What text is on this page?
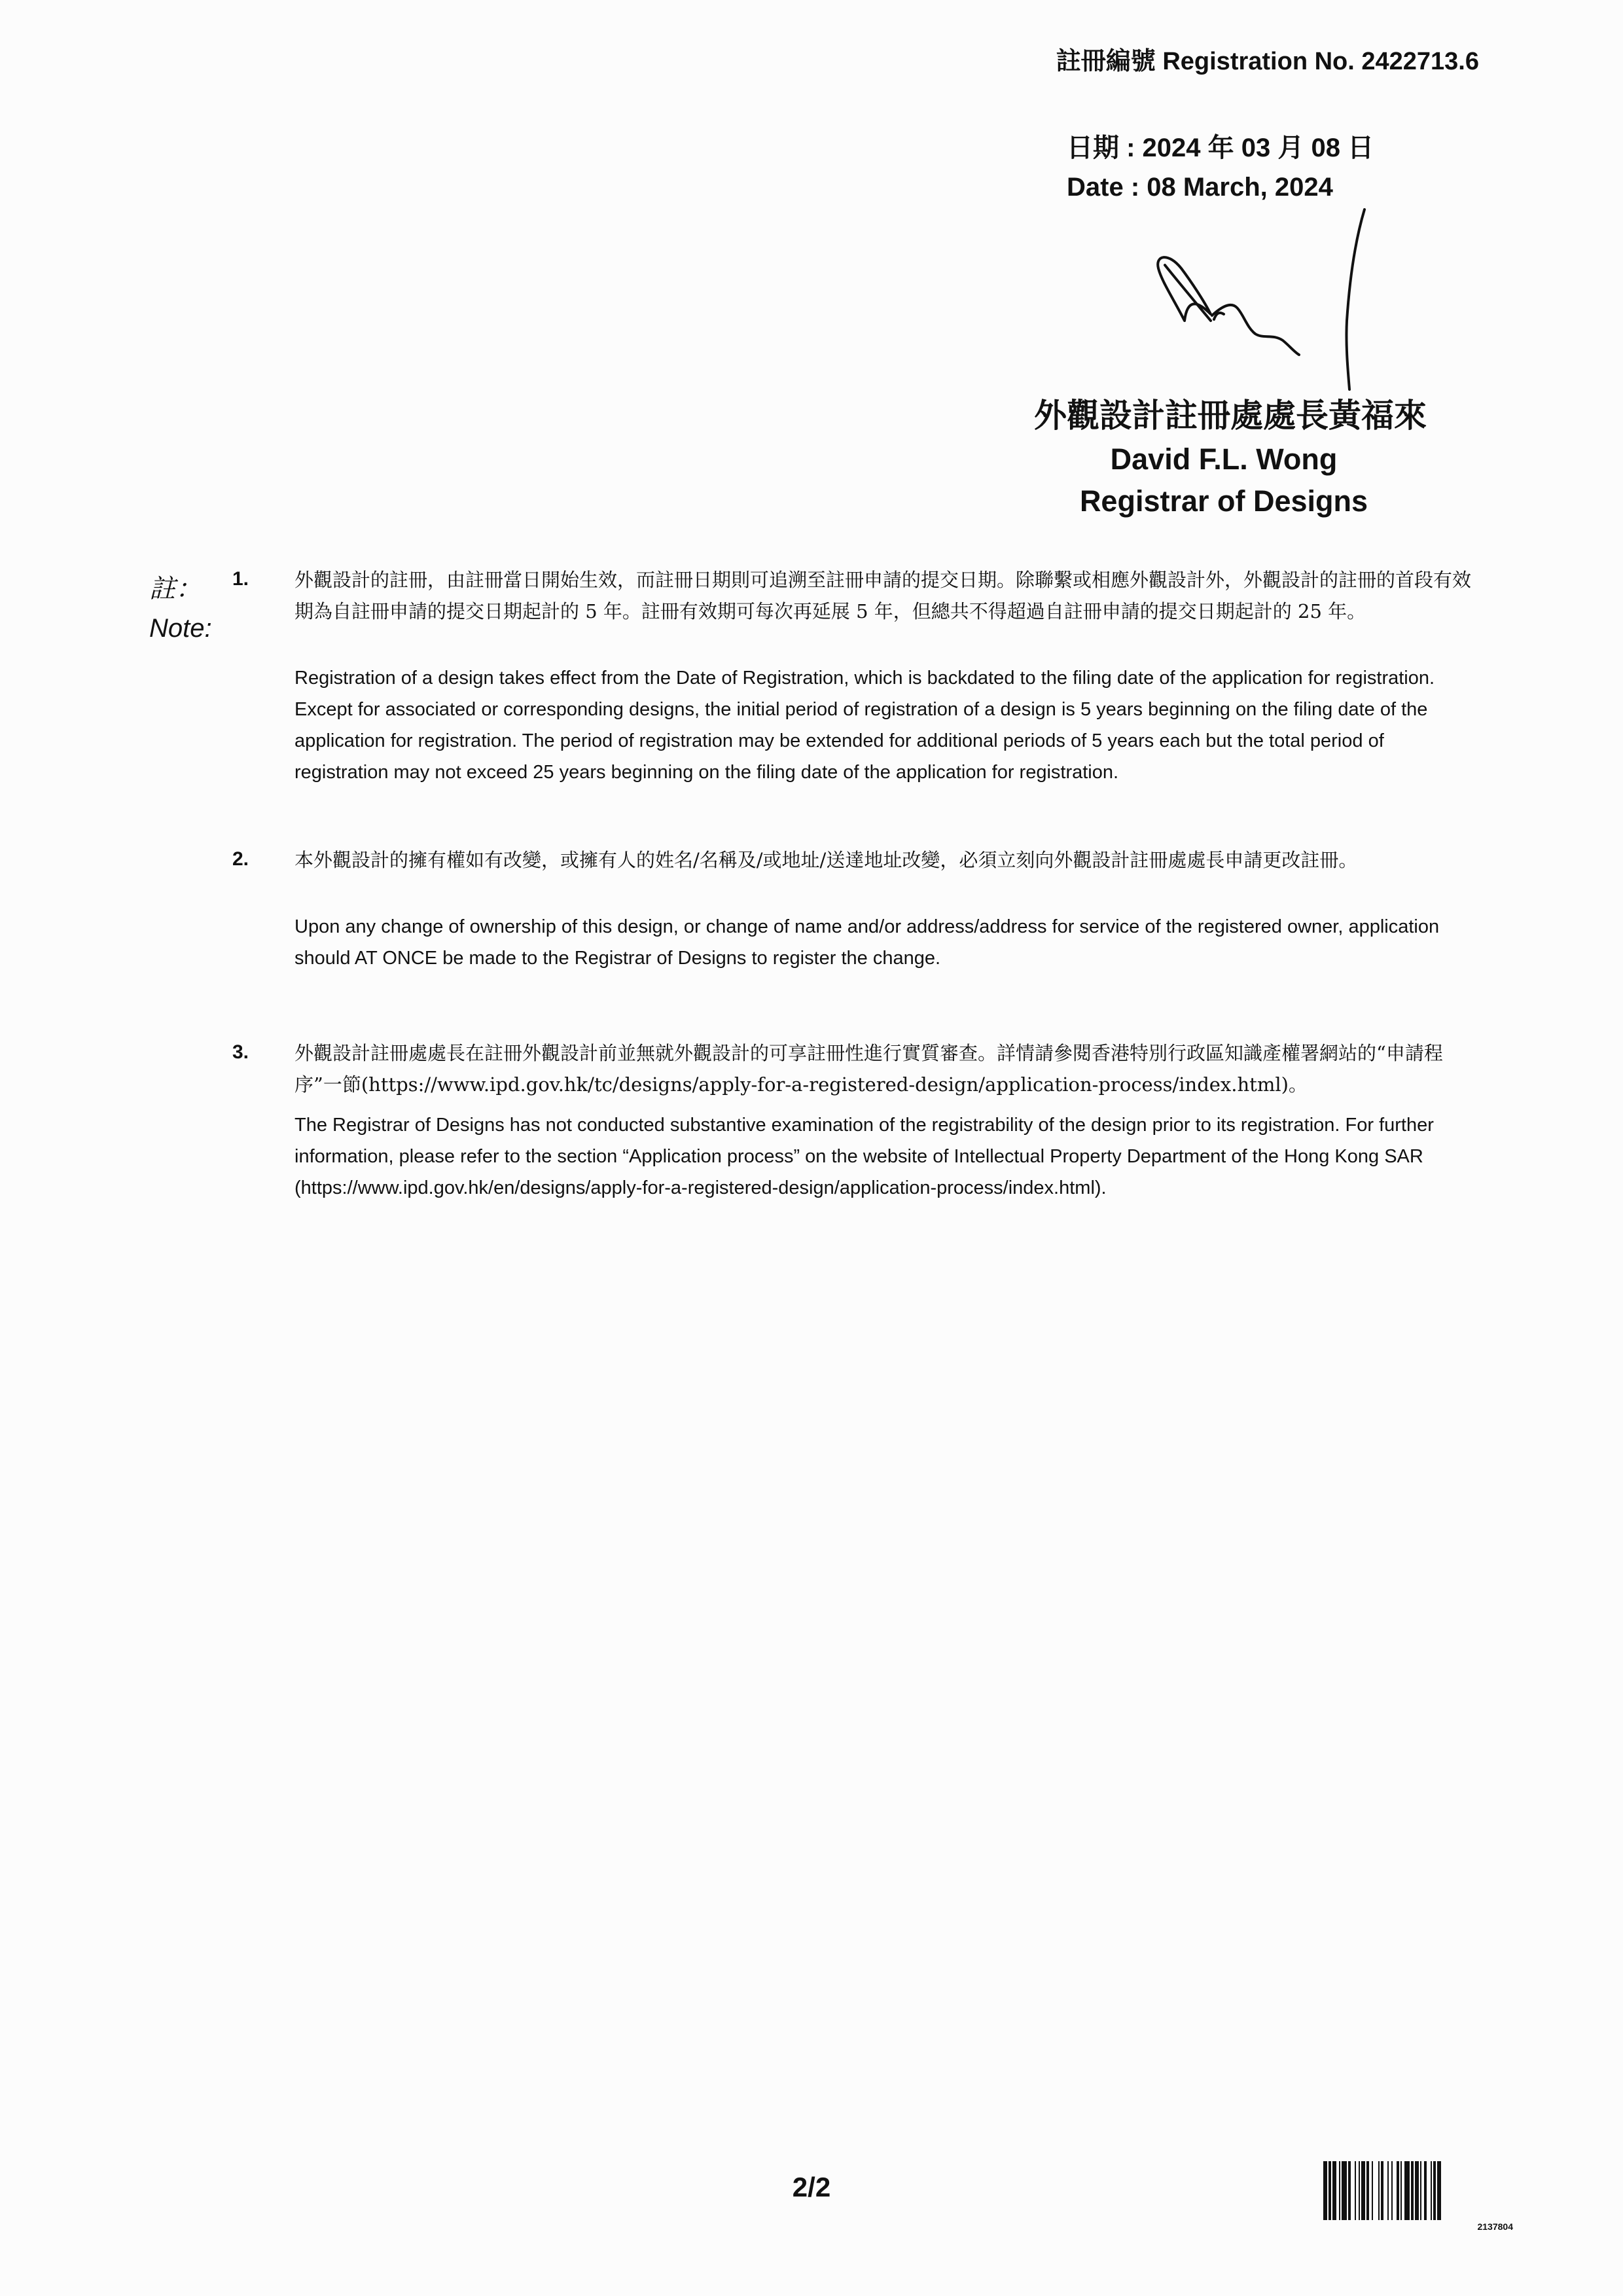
註冊編號 Registration No. 2422713.6
日期 : 2024 年 03 月 08 日
Date : 08 March, 2024
外觀設計註冊處處長黃福來
David F.L. Wong
Registrar of Designs
註：
Note:
1. 外觀設計的註冊，由註冊當日開始生效，而註冊日期則可追溯至註冊申請的提交日期。除聯繫或相應外觀設計外，外觀設計的註冊的首段有效期為自註冊申請的提交日期起計的 5 年。註冊有效期可每次再延展 5 年，但總共不得超過自註冊申請的提交日期起計的 25 年。
Registration of a design takes effect from the Date of Registration, which is backdated to the filing date of the application for registration. Except for associated or corresponding designs, the initial period of registration of a design is 5 years beginning on the filing date of the application for registration. The period of registration may be extended for additional periods of 5 years each but the total period of registration may not exceed 25 years beginning on the filing date of the application for registration.
2. 本外觀設計的擁有權如有改變，或擁有人的姓名/名稱及/或地址/送達地址改變，必須立刻向外觀設計註冊處處長申請更改註冊。
Upon any change of ownership of this design, or change of name and/or address/address for service of the registered owner, application should AT ONCE be made to the Registrar of Designs to register the change.
3. 外觀設計註冊處處長在註冊外觀設計前並無就外觀設計的可享註冊性進行實質審查。詳情請參閱香港特別行政區知識產權署網站的“申請程序”一節(https://www.ipd.gov.hk/tc/designs/apply-for-a-registered-design/application-process/index.html)。
The Registrar of Designs has not conducted substantive examination of the registrability of the design prior to its registration. For further information, please refer to the section “Application process” on the website of Intellectual Property Department of the Hong Kong SAR (https://www.ipd.gov.hk/en/designs/apply-for-a-registered-design/application-process/index.html).
2/2
2137804
